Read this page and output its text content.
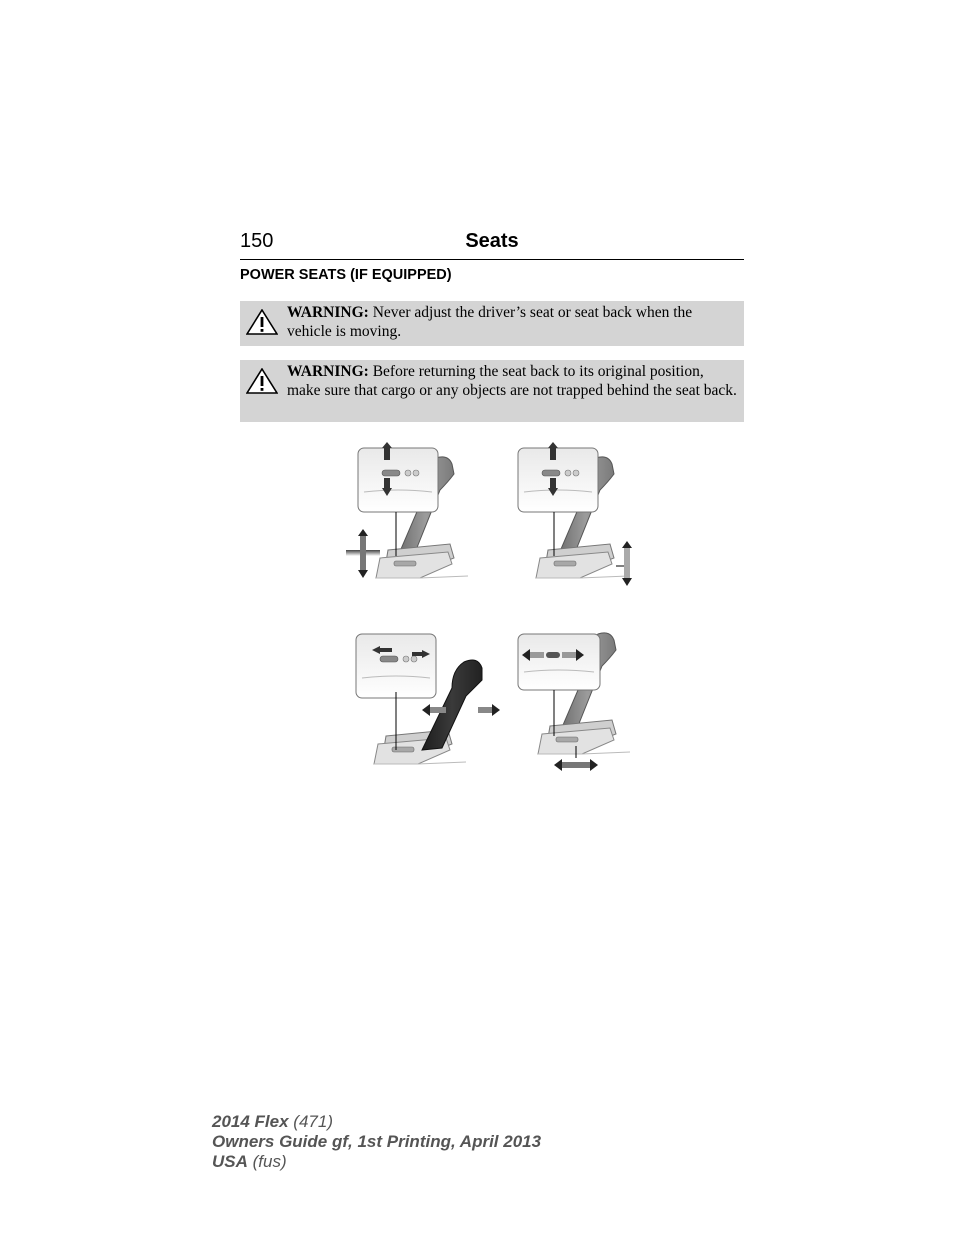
150	Seats
POWER SEATS (IF EQUIPPED)
WARNING: Never adjust the driver’s seat or seat back when the vehicle is moving.
WARNING: Before returning the seat back to its original position, make sure that cargo or any objects are not trapped behind the seat back.
2014 Flex (471)
Owners Guide gf, 1st Printing, April 2013
USA (fus)
